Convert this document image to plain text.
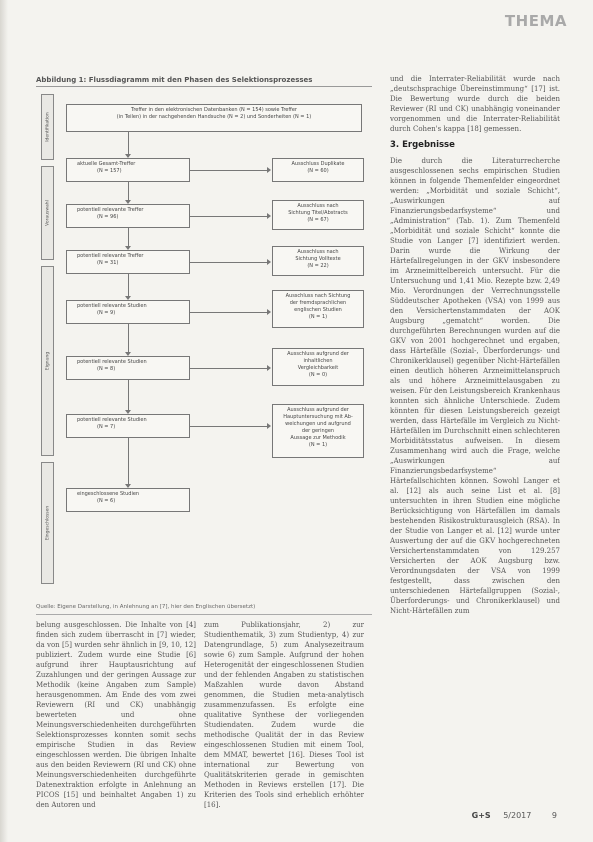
THEMA
Abbildung 1: Flussdiagramm mit den Phasen des Selektionsprozesses
Identifikation
Vorauswahl
Eignung
Eingeschlossen
Treffer in den elektronischen Datenbanken (N = 154) sowie Treffer
(in Teilen) in der nachgehenden Handsuche (N = 2) und Sonderheiten (N = 1)
aktuelle Gesamt-Treffer
(N = 157)
Ausschluss Duplikate
(N = 60)
potentiell relevante Treffer
(N = 96)
Ausschluss nach
Sichtung Titel/Abstracts
(N = 67)
potentiell relevante Treffer
(N = 31)
Ausschluss nach
Sichtung Volltexte
(N = 22)
potentiell relevante Studien
(N = 9)
Ausschluss nach Sichtung
der fremdsprachlichen
englischen Studien
(N = 1)
potentiell relevante Studien
(N = 8)
Ausschluss aufgrund der
inhaltlichen
Vergleichbarkeit
(N = 0)
potentiell relevante Studien
(N = 7)
Ausschluss aufgrund der
Hauptuntersuchung mit Ab-
weichungen und aufgrund
der geringen
Aussage zur Methodik
(N = 1)
eingeschlossene Studien
(N = 6)
Quelle: Eigene Darstellung, in Anlehnung an [7], hier den Englischen übersetzt)

belung ausgeschlossen. Die Inhalte von [4] finden sich zudem überrascht in [7] wieder, da von [5] wurden sehr ähnlich in [9, 10, 12] publiziert. Zudem wurde eine Studie [6] aufgrund ihrer Hauptausrichtung auf Zuzahlungen und der geringen Aussage zur Methodik (keine Angaben zum Sample) herausgenommen. Am Ende des vom zwei Reviewern (RI und CK) unabhängig bewerteten und ohne Meinungsverschiedenheiten durchgeführten Selektionsprozesses konnten somit sechs empirische Studien in das Review eingeschlossen werden. Die übrigen Inhalte aus den beiden Reviewern (RI und CK) ohne Meinungsverschiedenheiten durchgeführte Datenextraktion erfolgte in Anlehnung an PICOS [15] und beinhaltet Angaben 1) zu den Autoren und

zum Publikationsjahr, 2) zur Studienthematik, 3) zum Studientyp, 4) zur Datengrundlage, 5) zum Analysezeitraum sowie 6) zum Sample. Aufgrund der hohen Heterogenität der eingeschlossenen Studien und der fehlenden Angaben zu statistischen Maßzahlen wurde davon Abstand genommen, die Studien meta-analytisch zusammenzufassen. Es erfolgte eine qualitative Synthese der vorliegenden Studiendaten. Zudem wurde die methodische Qualität der in das Review eingeschlossenen Studien mit einem Tool, dem MMAT, bewertet [16]. Dieses Tool ist international zur Bewertung von Qualitätskriterien gerade in gemischten Methoden in Reviews erstellen [17]. Die Kriterien des Tools sind erheblich erhöhter [16].

und die Interrater-Reliabilität wurde nach „deutschsprachige Übereinstimmung“ [17] ist. Die Bewertung wurde durch die beiden Reviewer (RI und CK) unabhängig voneinander vorgenommen und die Interrater-Reliabilität durch Cohen's kappa [18] gemessen.

3. Ergebnisse

Die durch die Literaturrecherche ausgeschlossenen sechs empirischen Studien können in folgende Themenfelder eingeordnet werden: „Morbidität und soziale Schicht“, „Auswirkungen auf Finanzierungsbedarfsysteme“ und „Administration“ (Tab. 1). Zum Themenfeld „Morbidität und soziale Schicht“ konnte die Studie von Langer [7] identifiziert werden. Darin wurde die Wirkung der Härtefallregelungen in der GKV insbesondere im Arzneimittelbereich untersucht. Für die Untersuchung und 1,41 Mio. Rezepte bzw. 2,49 Mio. Verordnungen der Verrechnungsstelle Süddeutscher Apotheken (VSA) von 1999 aus den Versichertenstammdaten der AOK Augsburg „gematcht“ worden. Die durchgeführten Berechnungen wurden auf die GKV von 2001 hochgerechnet und ergaben, dass Härtefälle (Sozial-, Überforderungs- und Chronikerklausel) gegenüber Nicht-Härtefällen einen deutlich höheren Arzneimittelanspruch als und höhere Arzneimittelausgaben zu weisen. Für den Leistungsbereich Krankenhaus konnten sich ähnliche Unterschiede. Zudem könnten für diesen Leistungsbereich gezeigt werden, dass Härtefälle im Vergleich zu Nicht-Härtefällen im Durchschnitt einen schlechteren Morbiditätsstatus aufweisen. In diesem Zusammenhang wird auch die Frage, welche „Auswirkungen auf Finanzierungsbedarfsysteme“ Härtefallschichten können. Sowohl Langer et al. [12] als auch seine List et al. [8] untersuchten in ihren Studien eine mögliche Berücksichtigung von Härtefällen im damals bestehenden Risikostrukturausgleich (RSA). In der Studie von Langer et al. [12] wurde unter Auswertung der auf die GKV hochgerechneten Versichertenstammdaten von 129.257 Versicherten der AOK Augsburg bzw. Verordnungsdaten der VSA von 1999 festgestellt, dass zwischen den unterschiedenen Härtefallgruppen (Sozial-, Überforderungs- und Chronikerklausel) und Nicht-Härtefällen zum

G+S 5/2017	9
